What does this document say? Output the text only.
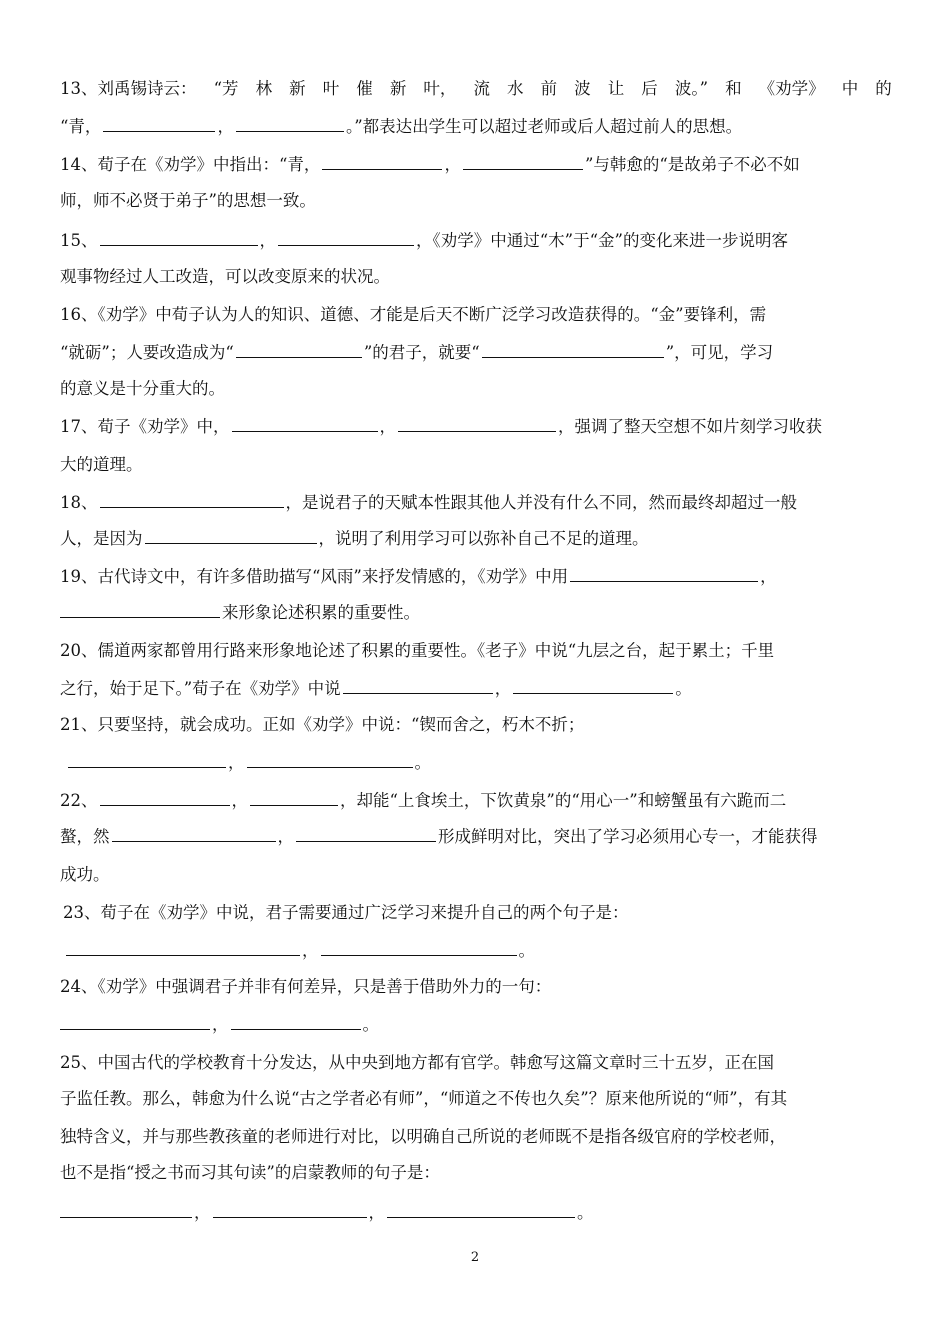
13、刘禹锡诗云： “芳 林 新 叶 催 新 叶， 流 水 前 波 让 后 波。” 和 《劝学》 中 的
“青，	，	。”都表达出学生可以超过老师或后人超过前人的思想。
14、荀子在《劝学》中指出：“青，	，	”与韩愈的“是故弟子不必不如
师，师不必贤于弟子”的思想一致。
15、	，	，《劝学》中通过“木”于“金”的变化来进一步说明客
观事物经过人工改造，可以改变原来的状况。
16、《劝学》中荀子认为人的知识、道德、才能是后天不断广泛学习改造获得的。“金”要锋利，需
“就砺”；人要改造成为“	”的君子，就要“	”，可见，学习
的意义是十分重大的。
17、荀子《劝学》中，	，	，强调了整天空想不如片刻学习收获
大的道理。
18、	，是说君子的天赋本性跟其他人并没有什么不同，然而最终却超过一般
人，是因为	，说明了利用学习可以弥补自己不足的道理。
19、古代诗文中，有许多借助描写“风雨”来抒发情感的，《劝学》中用	，
来形象论述积累的重要性。
20、儒道两家都曾用行路来形象地论述了积累的重要性。《老子》中说“九层之台，起于累土；千里
之行，始于足下。”荀子在《劝学》中说	，	。
21、只要坚持，就会成功。正如《劝学》中说：“锲而舍之，朽木不折；
，	。
22、	，	，却能“上食埃土，下饮黄泉”的“用心一”和螃蟹虽有六跪而二
螯，然	，	形成鲜明对比，突出了学习必须用心专一，才能获得
成功。
23、荀子在《劝学》中说，君子需要通过广泛学习来提升自己的两个句子是：
，	。
24、《劝学》中强调君子并非有何差异，只是善于借助外力的一句：
，	。
25、中国古代的学校教育十分发达，从中央到地方都有官学。韩愈写这篇文章时三十五岁，正在国
子监任教。那么，韩愈为什么说“古之学者必有师”，“师道之不传也久矣”？原来他所说的“师”，有其
独特含义，并与那些教孩童的老师进行对比，以明确自己所说的老师既不是指各级官府的学校老师，
也不是指“授之书而习其句读”的启蒙教师的句子是：
，	，	。
2
